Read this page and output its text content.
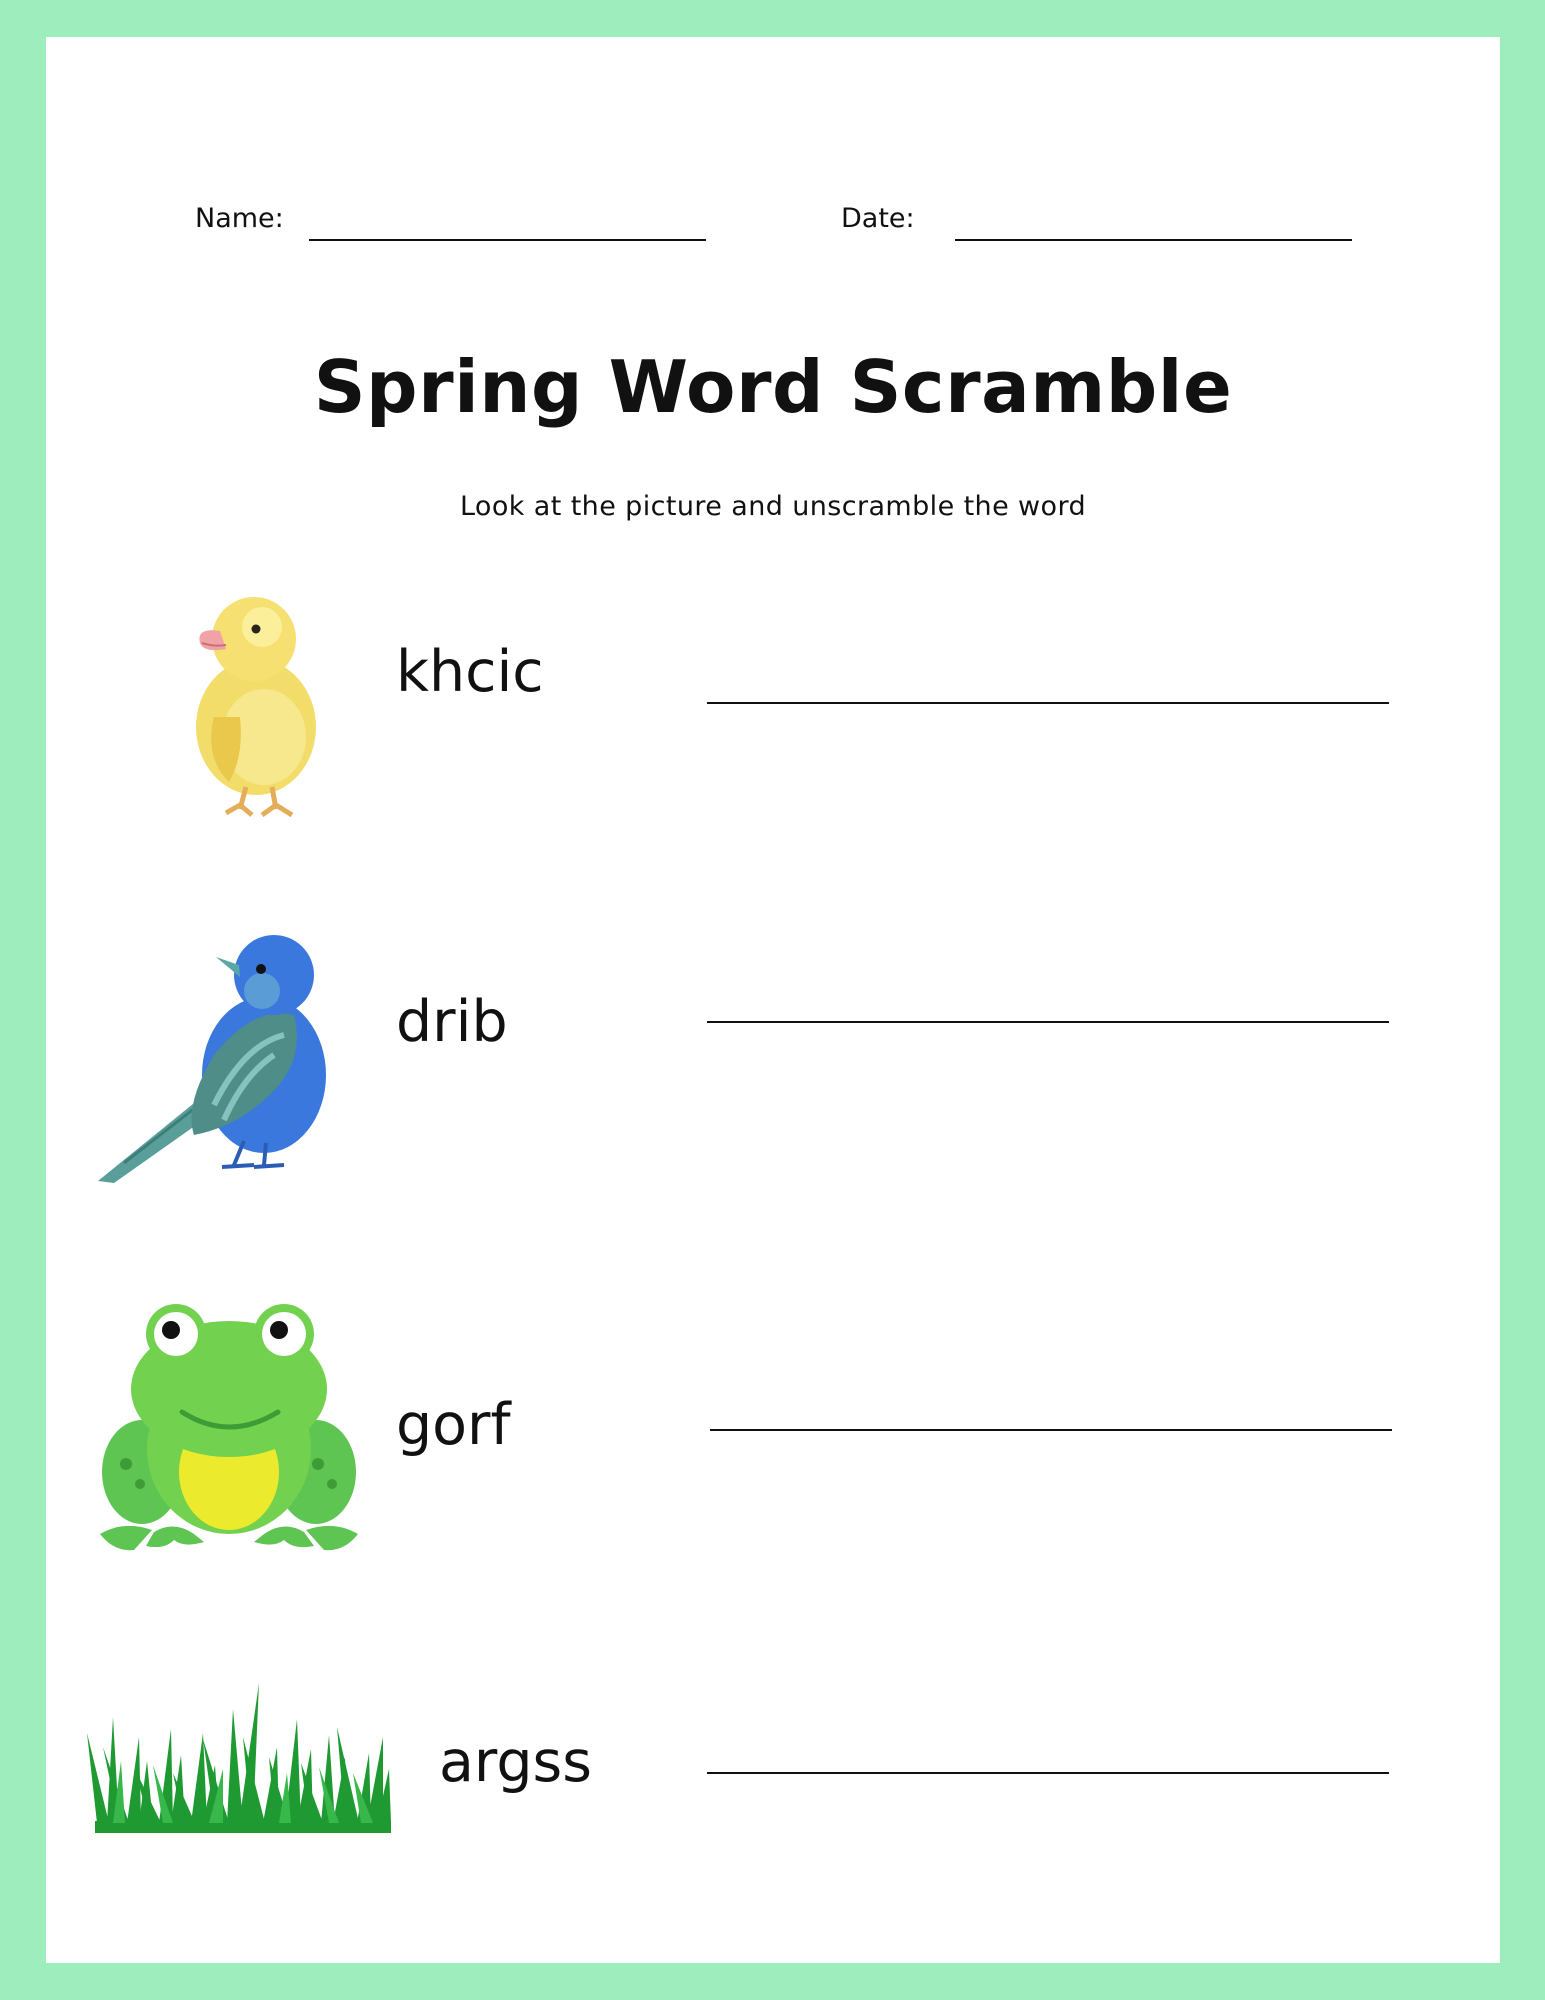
Name:	Date:
Spring Word Scramble
Look at the picture and unscramble the word
khcic
drib
gorf
argss
